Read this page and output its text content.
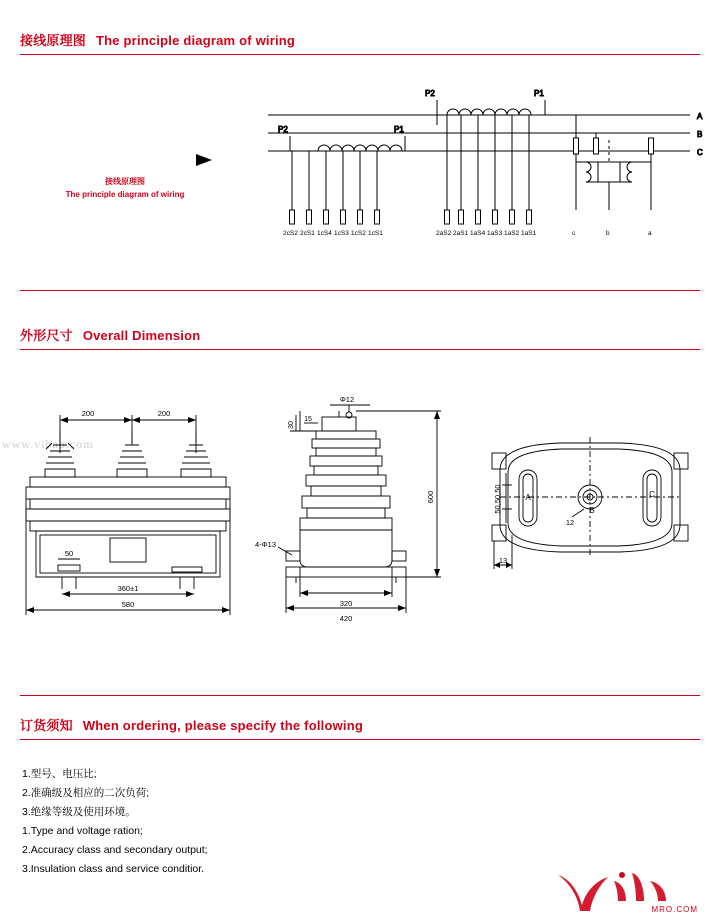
接线原理图 The principle diagram of wiring
接线原理图
The principle diagram of wiring
A
B
C
P2	P1
P2	P1
2cS2 2cS1 1cS4 1cS3 1cS2 1cS1	2aS2 2aS1 1aS4 1aS3 1aS2 1aS1	c	b	a
外形尺寸 Overall Dimension
www.vibao.com
200	200
50
360±1
580
Φ12
15
30
600
4-Φ13
320
420
50,50,50	A
B
C
12
13
订货须知 When ordering, please specify the following
1.型号、电压比;
2.准确级及相应的二次负荷;
3.绝缘等级及使用环境。
1.Type and voltage ration;
2.Accuracy class and secondary output;
3.Insulation class and service conditior.
MRO.COM
